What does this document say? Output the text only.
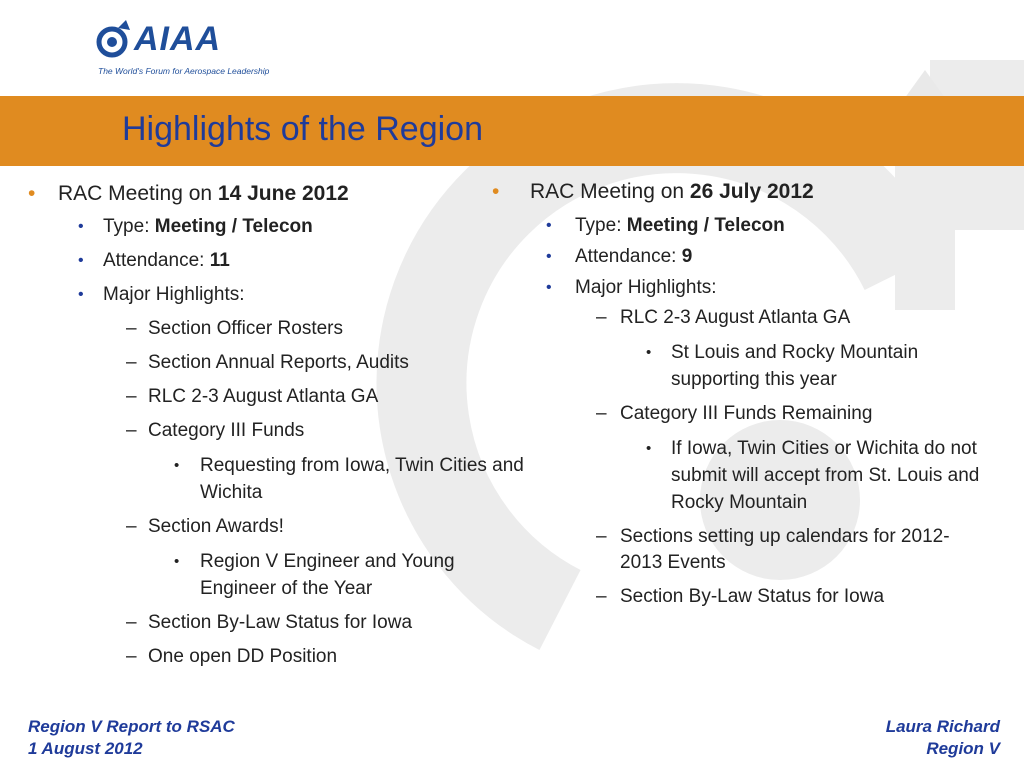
AIAA
The World's Forum for Aerospace Leadership
Highlights of the Region
• RAC Meeting on 14 June 2012
• Type: Meeting / Telecon
• Attendance: 11
• Major Highlights:
– Section Officer Rosters
– Section Annual Reports, Audits
– RLC 2-3 August Atlanta GA
– Category III Funds
• Requesting from Iowa, Twin Cities and Wichita
– Section Awards!
• Region V Engineer and Young Engineer of the Year
– Section By-Law Status for Iowa
– One open DD Position
• RAC Meeting on 26 July 2012
• Type: Meeting / Telecon
• Attendance: 9
• Major Highlights:
– RLC 2-3 August Atlanta GA
• St Louis and Rocky Mountain supporting this year
– Category III Funds Remaining
• If Iowa, Twin Cities or Wichita do not submit will accept from St. Louis and Rocky Mountain
– Sections setting up calendars for 2012-2013 Events
– Section By-Law Status for Iowa
Region V Report to RSAC
1 August 2012
Laura Richard
Region V
